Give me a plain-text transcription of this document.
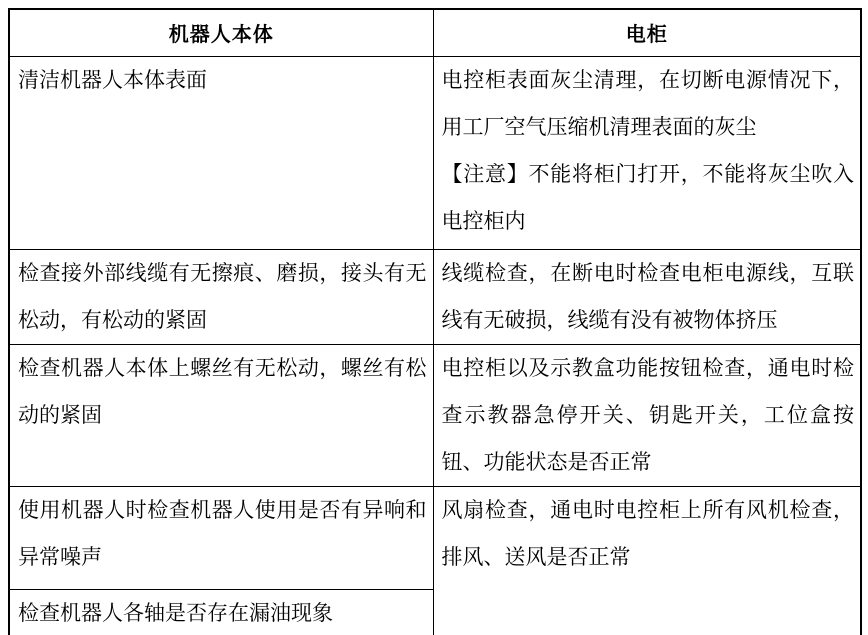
机器人本体	电柜

清洁机器人本体表面	电控柜表面灰尘清理，在切断电源情况下，用工厂空气压缩机清理表面的灰尘
【注意】不能将柜门打开，不能将灰尘吹入电控柜内

检查接外部线缆有无擦痕、磨损，接头有无松动，有松动的紧固	线缆检查，在断电时检查电柜电源线，互联线有无破损，线缆有没有被物体挤压

检查机器人本体上螺丝有无松动，螺丝有松动的紧固	电控柜以及示教盒功能按钮检查，通电时检查示教器急停开关、钥匙开关，工位盒按 钮、功能状态是否正常

使用机器人时检查机器人使用是否有异响和异常噪声	风扇检查，通电时电控柜上所有风机检查，排风、送风是否正常

检查机器人各轴是否存在漏油现象	
